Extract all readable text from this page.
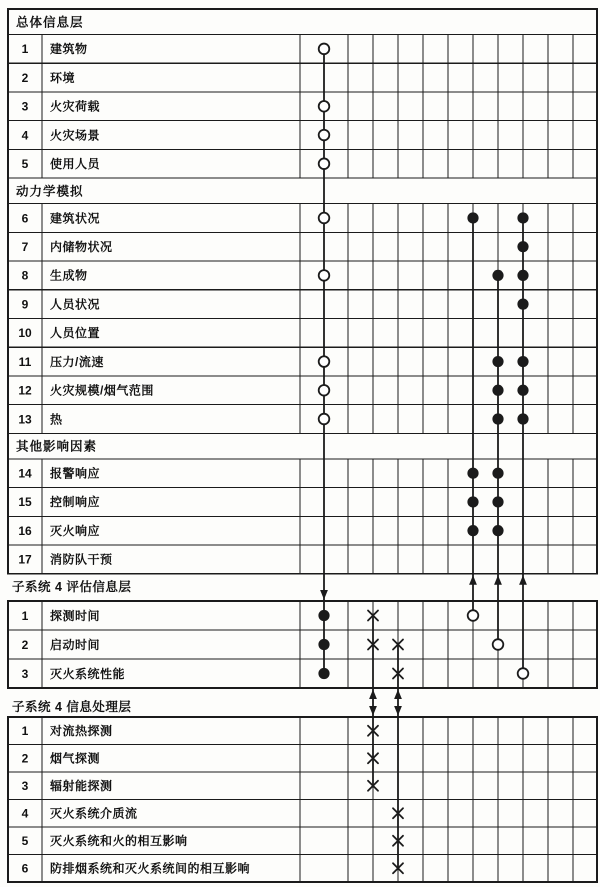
总体信息层
1 建筑物
2 环境
3 火灾荷载
4 火灾场景
5 使用人员
动力学模拟
6 建筑状况
7 内储物状况
8 生成物
9 人员状况
10 人员位置
11 压力/流速
12 火灾规模/烟气范围
13 热
其他影响因素
14 报警响应
15 控制响应
16 灭火响应
17 消防队干预
1 探测时间
2 启动时间
3 灭火系统性能
1 对流热探测
2 烟气探测
3 辐射能探测
4 灭火系统介质流
5 灭火系统和火的相互影响
6 防排烟系统和灭火系统间的相互影响
子系统 4 评估信息层
子系统 4 信息处理层
